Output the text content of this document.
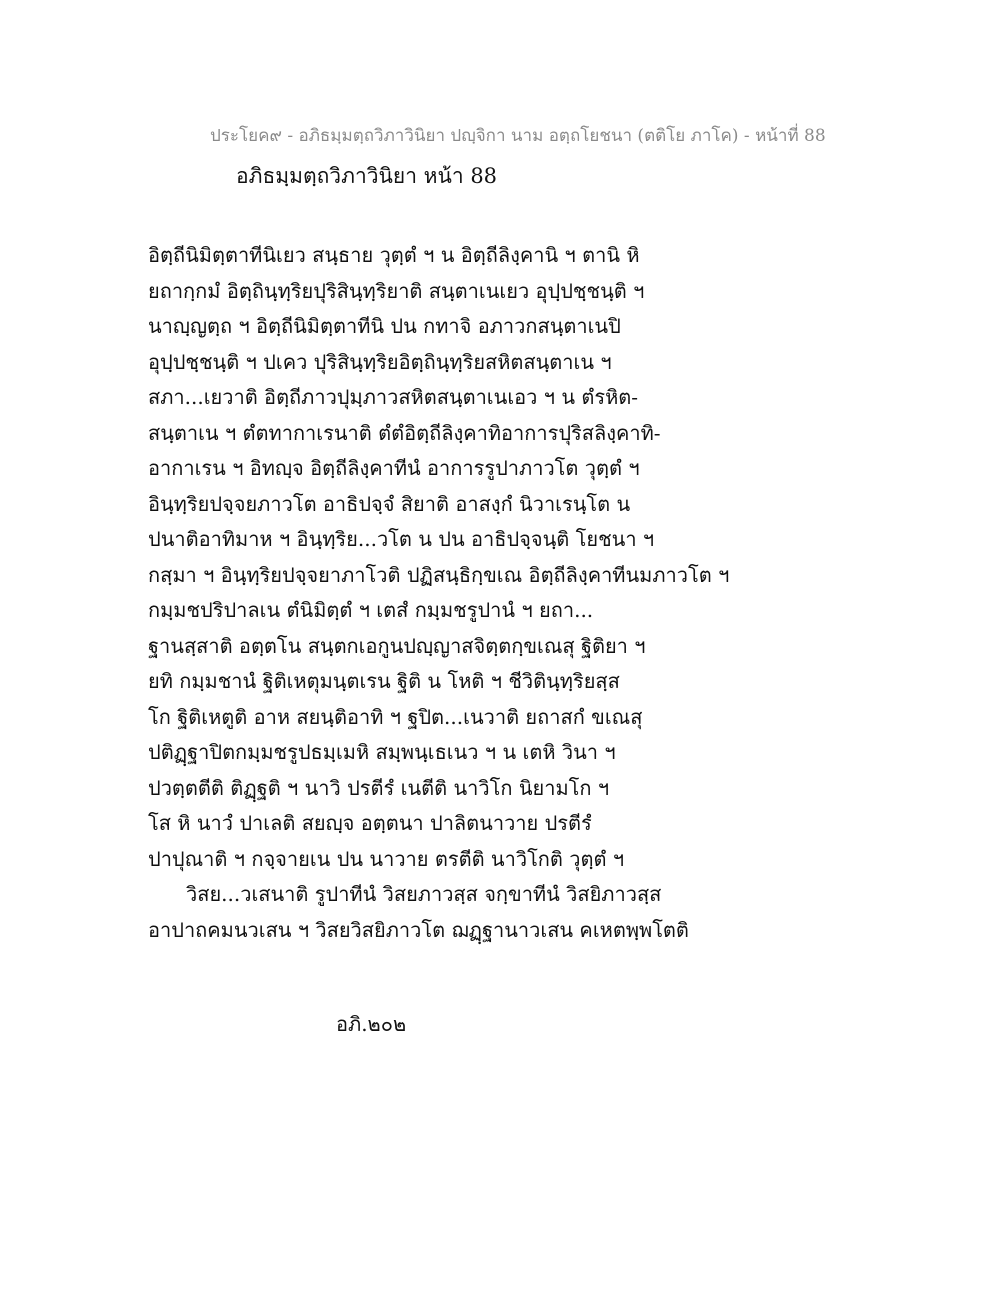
ประโยค๙ - อภิธมฺมตฺถวิภาวินิยา ปญฺจิกา นาม อตฺถโยชนา (ตติโย ภาโค) - หน้าที่ 88
อภิธมฺมตฺถวิภาวินิยา หน้า 88
อิตฺถีนิมิตฺตาทีนิเยว สนฺธาย วุตฺตํ ฯ น อิตฺถีลิงฺคานิ ฯ ตานิ หิ
ยถากฺกมํ อิตฺถินฺทฺริยปุริสินฺทฺริยาติ สนฺตาเนเยว อุปฺปชฺชนฺติ ฯ
นาญฺญตฺถ ฯ อิตฺถีนิมิตฺตาทีนิ ปน กทาจิ อภาวกสนฺตาเนปิ
อุปฺปชฺชนฺติ ฯ ปเคว ปุริสินฺทฺริยอิตฺถินฺทฺริยสหิตสนฺตาเน ฯ
สภา...เยวาติ อิตฺถีภาวปุมฺภาวสหิตสนฺตาเนเอว ฯ น ตํรหิต-
สนฺตาเน ฯ ตํตทากาเรนาติ ตํตํอิตฺถีลิงฺคาทิอาการปุริสลิงฺคาทิ-
อากาเรน ฯ อิทญฺจ อิตฺถีลิงฺคาทีนํ อาการรูปาภาวโต วุตฺตํ ฯ
อินฺทฺริยปจฺจยภาวโต อาธิปจฺจํ สิยาติ อาสงฺกํ นิวาเรนฺโต น
ปนาติอาทิมาห ฯ อินฺทฺริย...วโต น ปน อาธิปจฺจนฺติ โยชนา ฯ
กสฺมา ฯ อินฺทฺริยปจฺจยาภาโวติ ปฏิสนฺธิกฺขเณ อิตฺถีลิงฺคาทีนมภาวโต ฯ
กมฺมชปริปาลเน ตํนิมิตฺตํ ฯ เตสํ กมฺมชรูปานํ ฯ ยถา...
ฐานสฺสาติ อตฺตโน สนฺตกเอกูนปญฺญาสจิตฺตกฺขเณสุ ฐิติยา ฯ
ยทิ กมฺมชานํ ฐิติเหตุมนฺตเรน ฐิติ น โหติ ฯ ชีวิตินฺทฺริยสฺส
โก ฐิติเหตูติ อาห สยนฺติอาทิ ฯ ฐปิต...เนวาติ ยถาสกํ ขเณสุ
ปติฏฺฐาปิตกมฺมชรูปธมฺเมหิ สมฺพนฺเธเนว ฯ น เตหิ วินา ฯ
ปวตฺตตีติ ติฏฺฐติ ฯ นาวิ ปรตีรํ เนตีติ นาวิโก นิยามโก ฯ
โส หิ นาวํ ปาเลติ สยญฺจ อตฺตนา ปาลิตนาวาย ปรตีรํ
ปาปุณาติ ฯ กจฺจายเน ปน นาวาย ตรตีติ นาวิโกติ วุตฺตํ ฯ
วิสย...วเสนาติ รูปาทีนํ วิสยภาวสฺส จกฺขาทีนํ วิสยิภาวสฺส
อาปาถคมนวเสน ฯ วิสยวิสยิภาวโต ฌฏฺฐานาวเสน คเหตพฺพโตติ
อภิ.๒๐๒
